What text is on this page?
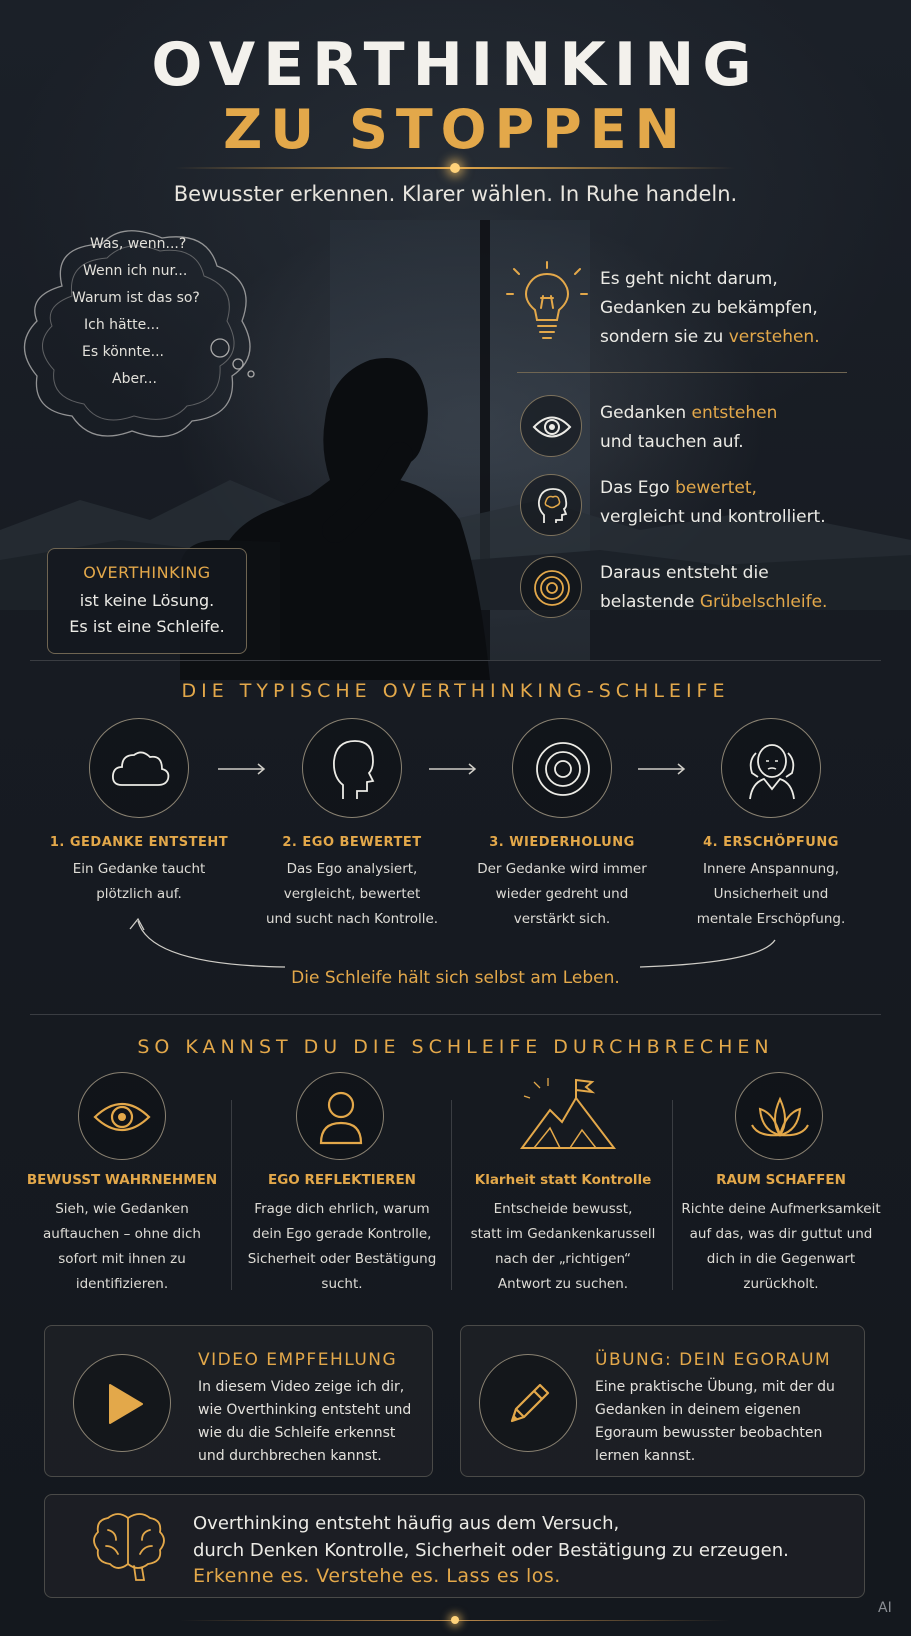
OVERTHINKING
ZU STOPPEN
Bewusster erkennen. Klarer wählen. In Ruhe handeln.
Was, wenn...?
Wenn ich nur...
Warum ist das so?
Ich hätte...
Es könnte...
Aber...
OVERTHINKING
ist keine Lösung.
Es ist eine Schleife.
Es geht nicht darum,
Gedanken zu bekämpfen,
sondern sie zu verstehen.
Gedanken entstehen
und tauchen auf.
Das Ego bewertet,
vergleicht und kontrolliert.
Daraus entsteht die
belastende Grübelschleife.
DIE TYPISCHE OVERTHINKING-SCHLEIFE
1. GEDANKE ENTSTEHT
Ein Gedanke taucht
plötzlich auf.
2. EGO BEWERTET
Das Ego analysiert,
vergleicht, bewertet
und sucht nach Kontrolle.
3. WIEDERHOLUNG
Der Gedanke wird immer
wieder gedreht und
verstärkt sich.
4. ERSCHÖPFUNG
Innere Anspannung,
Unsicherheit und
mentale Erschöpfung.
Die Schleife hält sich selbst am Leben.
SO KANNST DU DIE SCHLEIFE DURCHBRECHEN
BEWUSST WAHRNEHMEN
Sieh, wie Gedanken
auftauchen – ohne dich
sofort mit ihnen zu
identifizieren.
EGO REFLEKTIEREN
Frage dich ehrlich, warum
dein Ego gerade Kontrolle,
Sicherheit oder Bestätigung
sucht.
Klarheit statt Kontrolle
Entscheide bewusst,
statt im Gedankenkarussell
nach der „richtigen“
Antwort zu suchen.
RAUM SCHAFFEN
Richte deine Aufmerksamkeit
auf das, was dir guttut und
dich in die Gegenwart
zurückholt.
VIDEO EMPFEHLUNG
In diesem Video zeige ich dir,
wie Overthinking entsteht und
wie du die Schleife erkennst
und durchbrechen kannst.
ÜBUNG: DEIN EGORAUM
Eine praktische Übung, mit der du
Gedanken in deinem eigenen
Egoraum bewusster beobachten
lernen kannst.
Overthinking entsteht häufig aus dem Versuch,
durch Denken Kontrolle, Sicherheit oder Bestätigung zu erzeugen.
Erkenne es. Verstehe es. Lass es los.
AI
